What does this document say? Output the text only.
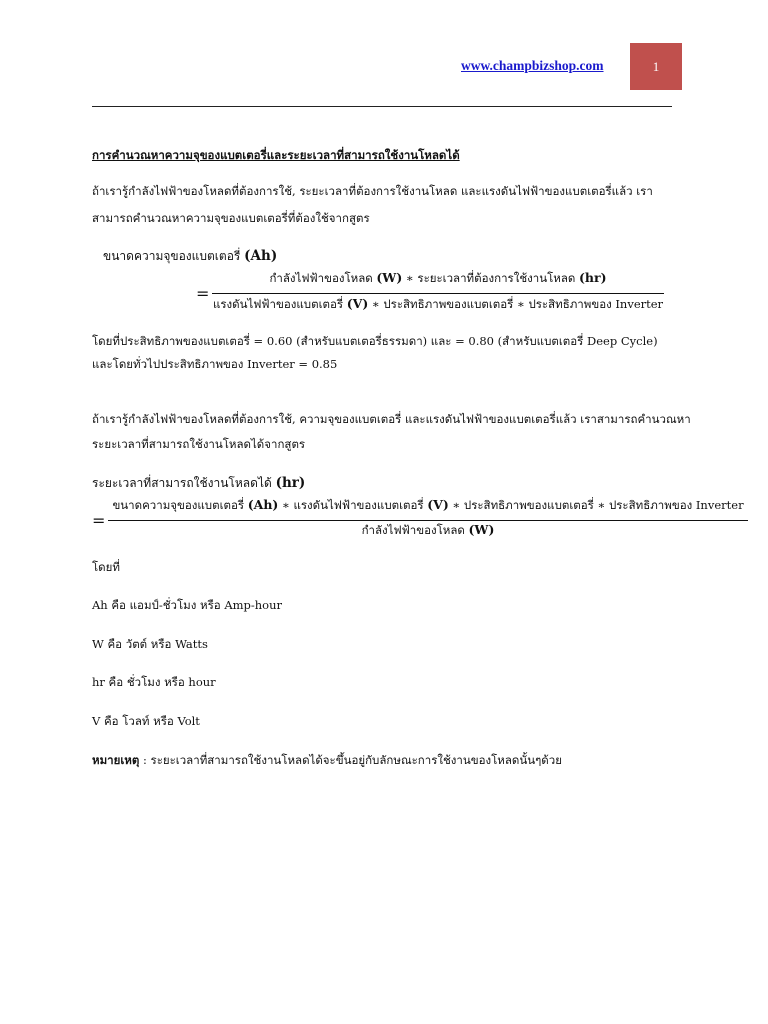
www.champbizshop.com	1
การคำนวณหาความจุของแบตเตอรี่และระยะเวลาที่สามารถใช้งานโหลดได้
ถ้าเรารู้กำลังไฟฟ้าของโหลดที่ต้องการใช้, ระยะเวลาที่ต้องการใช้งานโหลด และแรงดันไฟฟ้าของแบตเตอรี่แล้ว เรา
สามารถคำนวณหาความจุของแบตเตอรี่ที่ต้องใช้จากสูตร
ขนาดความจุของแบตเตอรี่ (Ah)
=
กำลังไฟฟ้าของโหลด (W) ∗ ระยะเวลาที่ต้องการใช้งานโหลด (hr)
แรงดันไฟฟ้าของแบตเตอรี่ (V) ∗ ประสิทธิภาพของแบตเตอรี่ ∗ ประสิทธิภาพของ Inverter
โดยที่ประสิทธิภาพของแบตเตอรี่ = 0.60 (สำหรับแบตเตอรี่ธรรมดา) และ = 0.80 (สำหรับแบตเตอรี่ Deep Cycle)
และโดยทั่วไปประสิทธิภาพของ Inverter = 0.85
ถ้าเรารู้กำลังไฟฟ้าของโหลดที่ต้องการใช้, ความจุของแบตเตอรี่ และแรงดันไฟฟ้าของแบตเตอรี่แล้ว เราสามารถคำนวณหา
ระยะเวลาที่สามารถใช้งานโหลดได้จากสูตร
ระยะเวลาที่สามารถใช้งานโหลดได้ (hr)
=
ขนาดความจุของแบตเตอรี่ (Ah) ∗ แรงดันไฟฟ้าของแบตเตอรี่ (V) ∗ ประสิทธิภาพของแบตเตอรี่ ∗ ประสิทธิภาพของ Inverter
กำลังไฟฟ้าของโหลด (W)
โดยที่
Ah คือ แอมป์-ชั่วโมง หรือ Amp-hour
W คือ วัตต์ หรือ Watts
hr คือ ชั่วโมง หรือ hour
V คือ โวลท์ หรือ Volt
หมายเหตุ : ระยะเวลาที่สามารถใช้งานโหลดได้จะขึ้นอยู่กับลักษณะการใช้งานของโหลดนั้นๆด้วย
